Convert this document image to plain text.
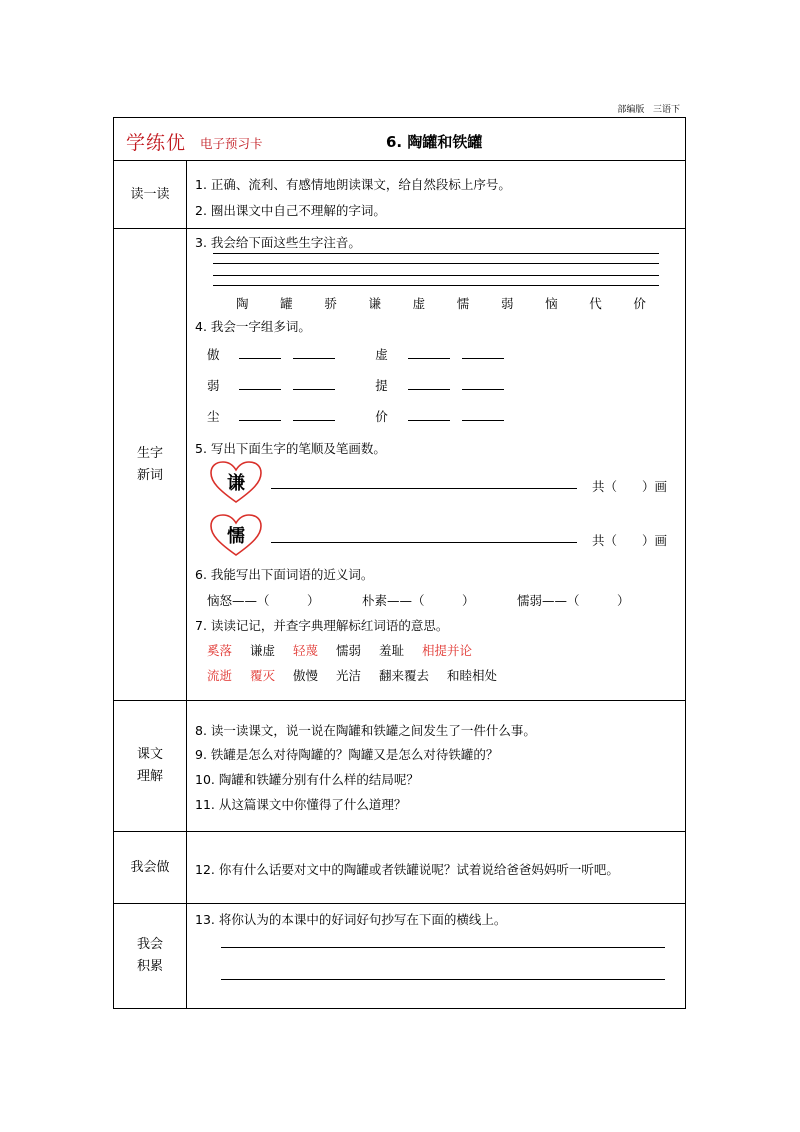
部编版 三语下
学练优 电子预习卡	6. 陶罐和铁罐
读一读
1. 正确、流利、有感情地朗读课文，给自然段标上序号。
2. 圈出课文中自己不理解的字词。
生字
新词
3. 我会给下面这些生字注音。
陶	罐	骄	谦	虚	懦	弱	恼	代	价
4. 我会一字组多词。
傲	虚
弱	提
尘	价
5. 写出下面生字的笔顺及笔画数。
谦	共（　　）画
懦	共（　　）画
6. 我能写出下面词语的近义词。
恼怒——（　　　）	朴素——（　　　）	懦弱——（　　　）
7. 读读记记，并查字典理解标红词语的意思。
奚落 谦虚 轻蔑 懦弱 羞耻 相提并论
流逝 覆灭 傲慢 光洁 翻来覆去 和睦相处
课文
理解
8. 读一读课文，说一说在陶罐和铁罐之间发生了一件什么事。
9. 铁罐是怎么对待陶罐的？陶罐又是怎么对待铁罐的？
10. 陶罐和铁罐分别有什么样的结局呢？
11. 从这篇课文中你懂得了什么道理？
我会做 12. 你有什么话要对文中的陶罐或者铁罐说呢？试着说给爸爸妈妈听一听吧。
我会
积累
13. 将你认为的本课中的好词好句抄写在下面的横线上。
